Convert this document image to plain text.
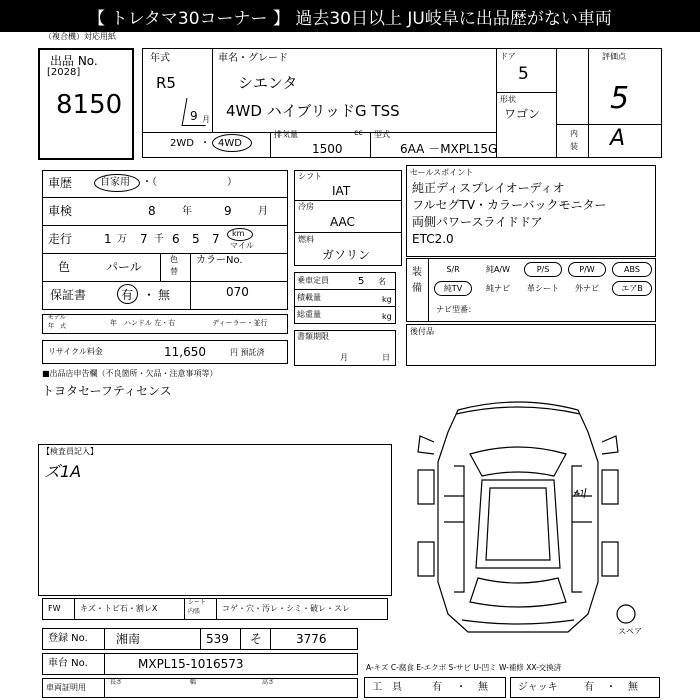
【 トレタマ30コーナー 】 過去30日以上 JU岐阜に出品歴がない車両
（複合機）対応用紙
出品 No.
[2028]
8150
年式
R5
9 月
車名・グレード
シエンタ
4WD ハイブリッドG TSS
ドア
5
形状
ワゴン
評価点
5
内
装 A
2WD ・ 4WD
排気量	cc
1500
型式
6AA －MXPL15G
車歴	自家用 ・（　　　　　　　）
車検	8	年	9	月
走行	1 万 7 千 6 5 7 km
マイル
色	パール
色
替
カラーNo.
保証書	有 ・ 無	070
モデル
年　式	年 ハンドル 左・右	ディーラー・並行
リサイクル料金	11,650	円 預託済
シフト
IAT
冷房
AAC
燃料
ガソリン
乗車定員	5 名
積載量	kg
総重量	kg
書類期限
月	日
セールスポイント
純正ディスプレイオーディオ
フルセグTV・カラーバックモニター
両側パワースライドドア
ETC2.0
装
備
S/R	純A/W	P/S	P/W	ABS
純TV	純ナビ	革シート	外ナビ	エアB
ナビ型番：
後付品
■出品店申告欄（不良箇所・欠品・注意事項等）
トヨタセーフティセンス
【検査員記入】
ズ1A
スペア
A1
FW キズ・トビ石・割レX
シート
内張	コゲ・穴・汚レ・シミ・破レ・スレ
登録 No. 湘南	539 そ	3776
車台 No.	MXPL15-1016573
車両証明用
長さ	幅	高さ
A-キズ C-腐食 E-エクボ S-サビ U-凹ミ W-補修 XX-交換済
工　具	有 ・ 無	ジャッキ	有 ・ 無
